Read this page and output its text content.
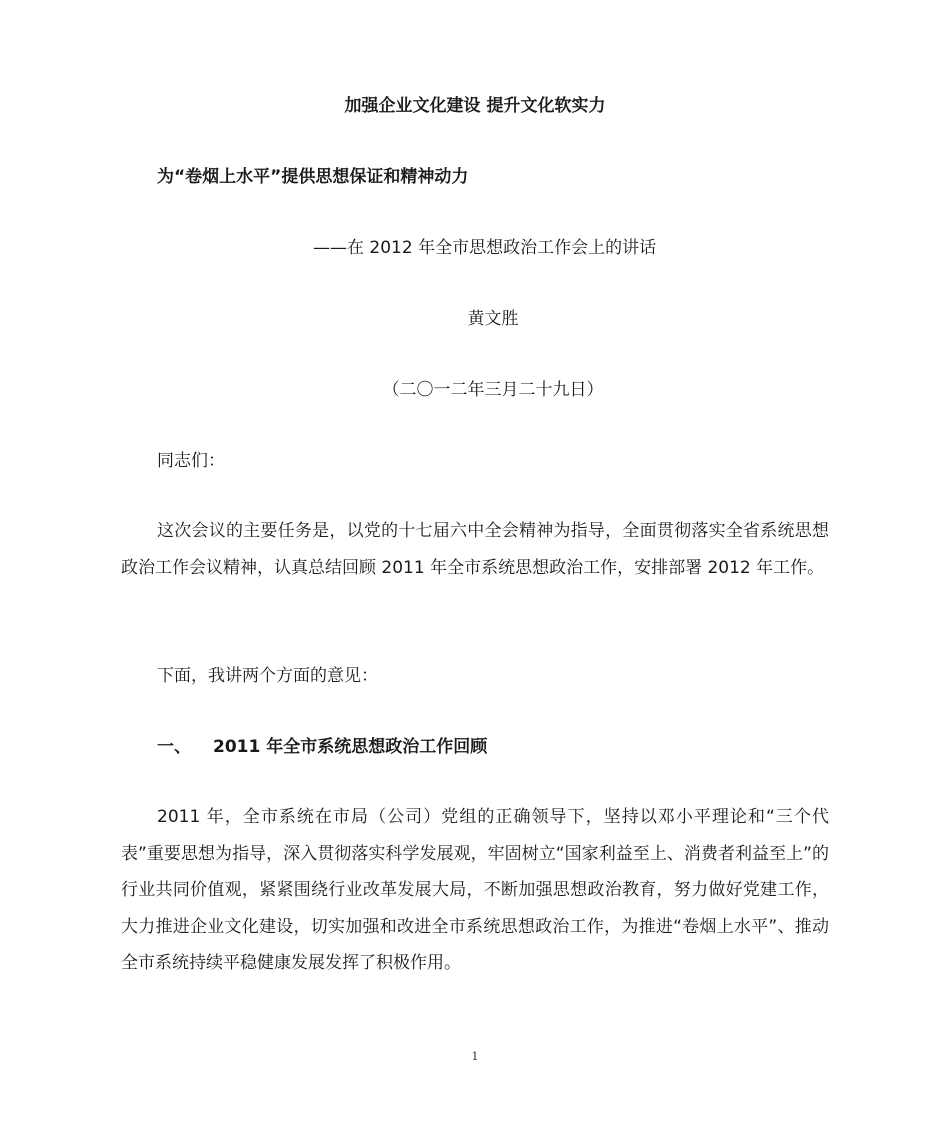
加强企业文化建设 提升文化软实力
为“卷烟上水平”提供思想保证和精神动力
——在 2012 年全市思想政治工作会上的讲话
黄文胜
（二〇一二年三月二十九日）
同志们：
这次会议的主要任务是，以党的十七届六中全会精神为指导，全面贯彻落实全省系统思想政治工作会议精神，认真总结回顾 2011 年全市系统思想政治工作，安排部署 2012 年工作。
下面，我讲两个方面的意见：
一、 2011 年全市系统思想政治工作回顾
2011 年，全市系统在市局（公司）党组的正确领导下，坚持以邓小平理论和“三个代表”重要思想为指导，深入贯彻落实科学发展观，牢固树立“国家利益至上、消费者利益至上”的行业共同价值观，紧紧围绕行业改革发展大局，不断加强思想政治教育，努力做好党建工作，大力推进企业文化建设，切实加强和改进全市系统思想政治工作，为推进“卷烟上水平”、推动全市系统持续平稳健康发展发挥了积极作用。
1
